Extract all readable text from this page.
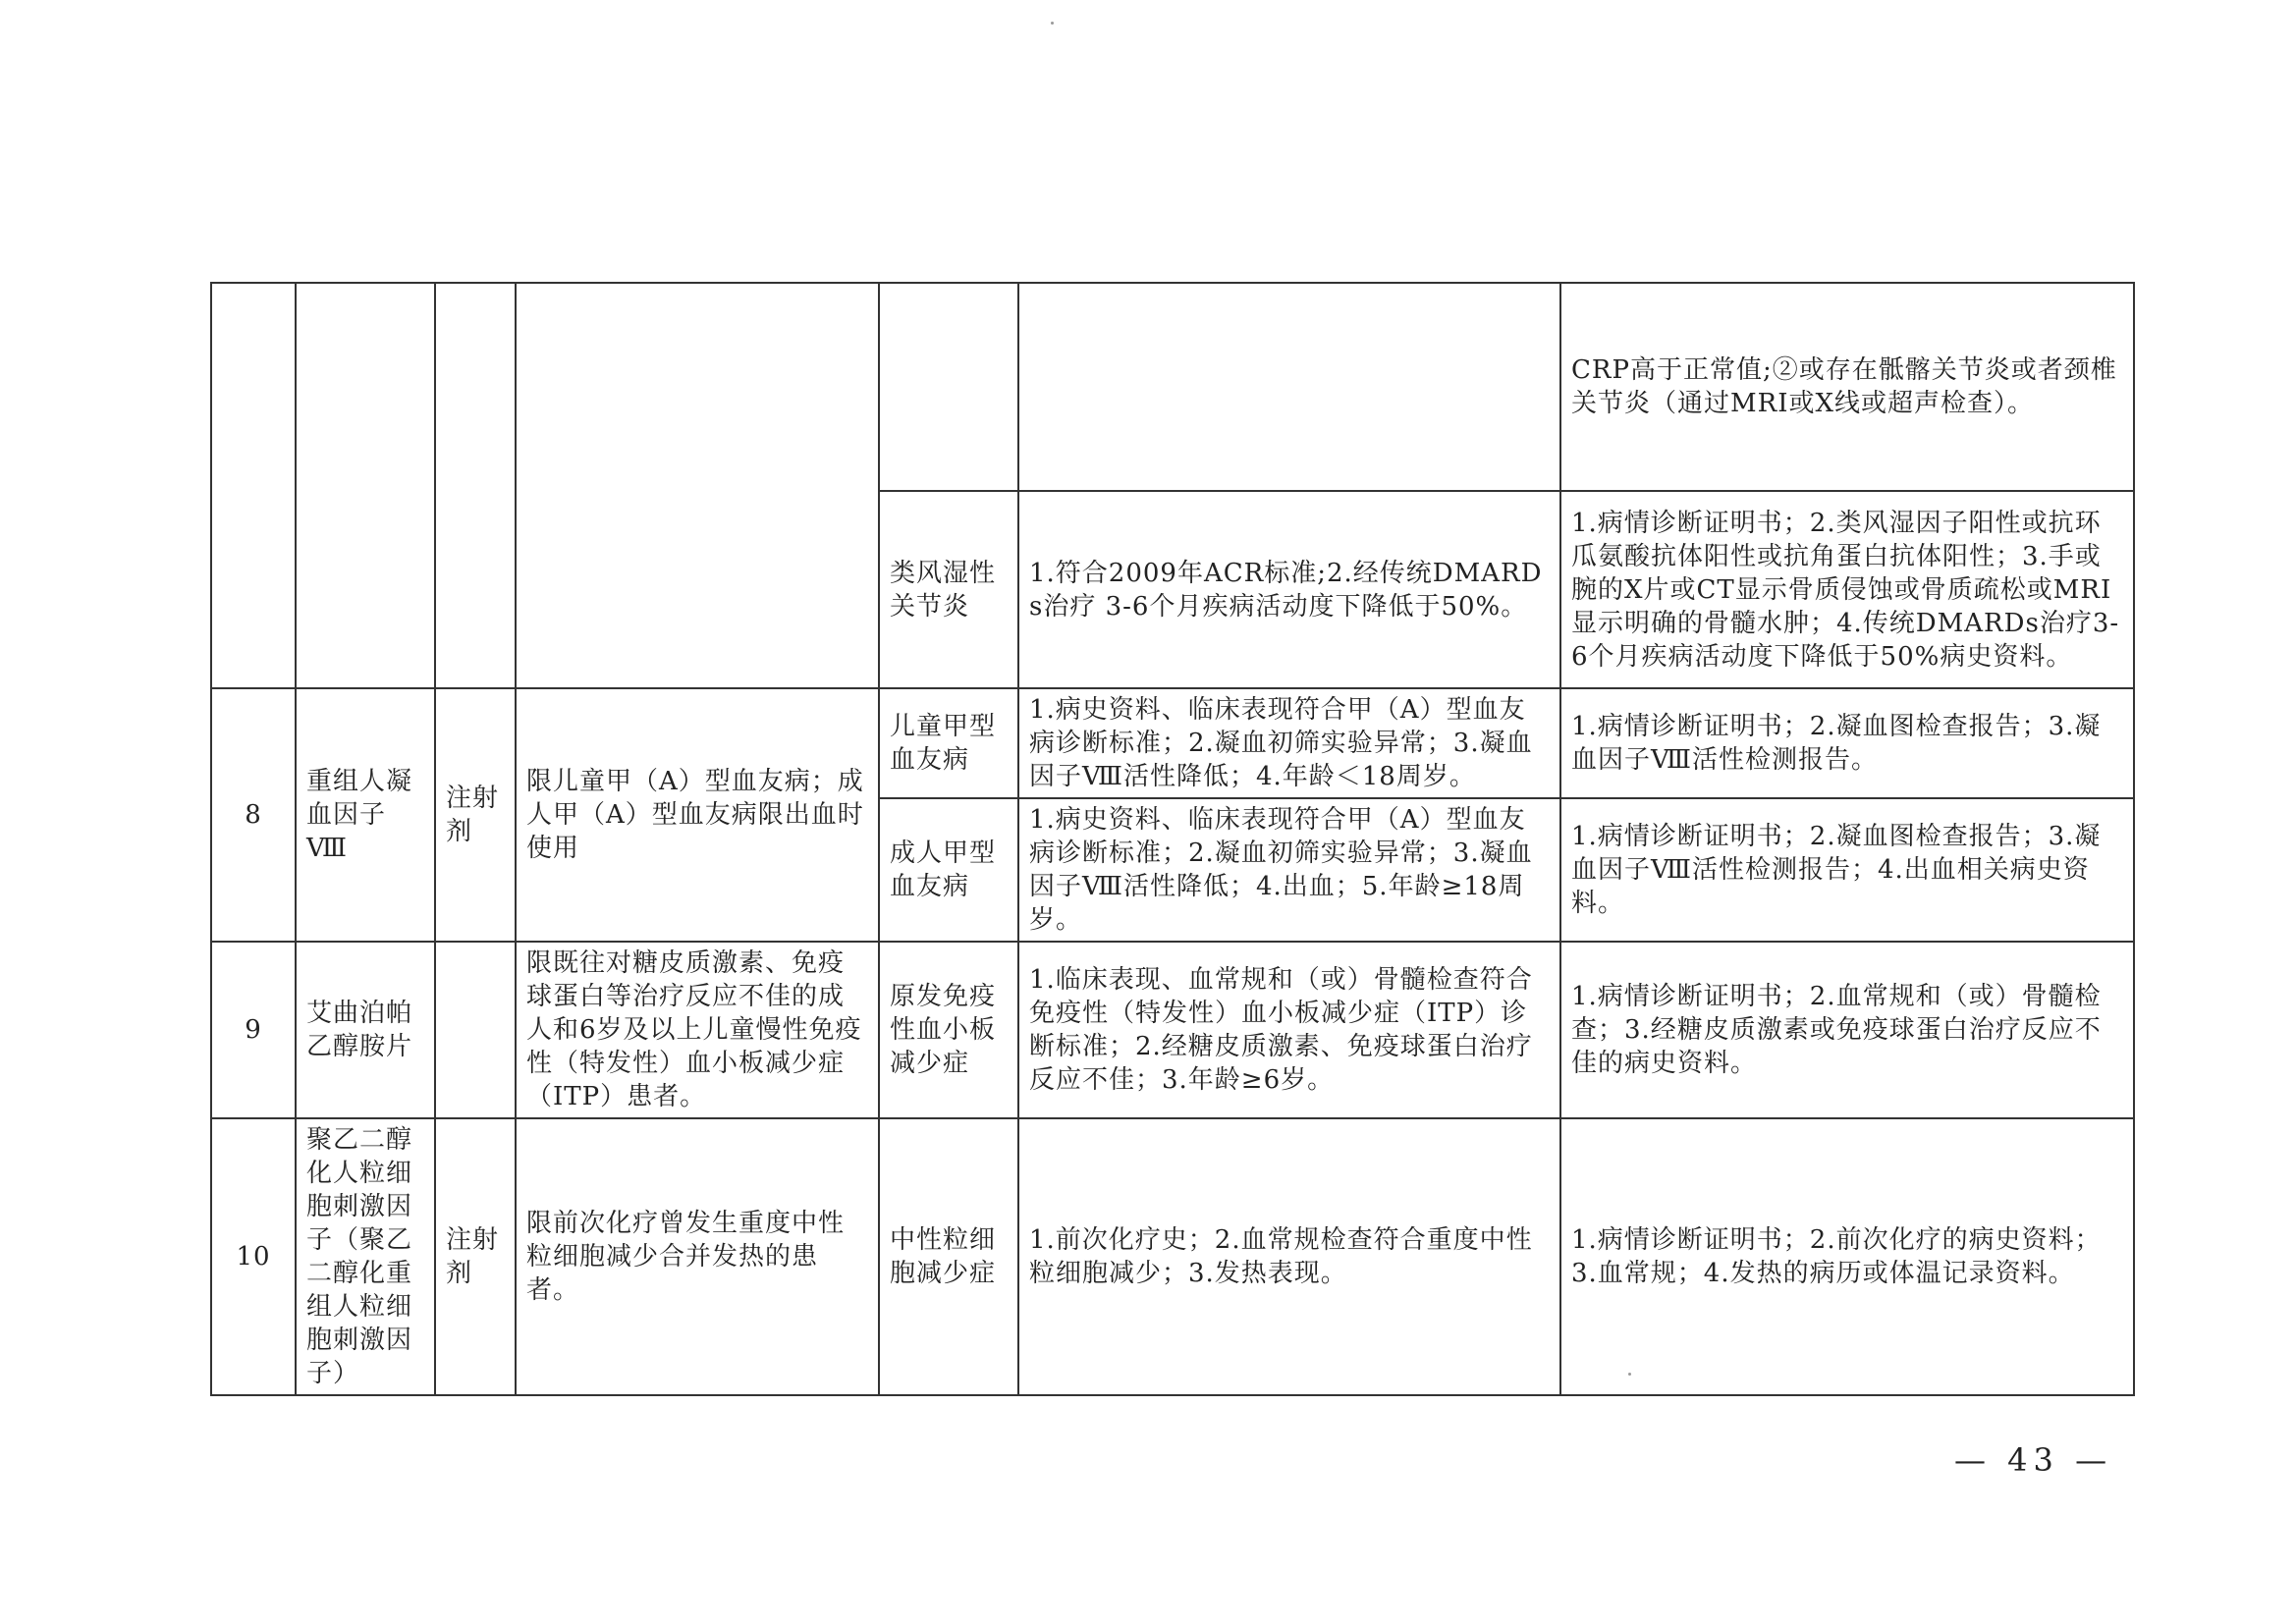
						CRP高于正常值;②或存在骶髂关节炎或者颈椎关节炎（通过MRI或X线或超声检查）。
				类风湿性关节炎	1.符合2009年ACR标准;2.经传统DMARDs治疗 3-6个月疾病活动度下降低于50%。	1.病情诊断证明书；2.类风湿因子阳性或抗环瓜氨酸抗体阳性或抗角蛋白抗体阳性；3.手或腕的X片或CT显示骨质侵蚀或骨质疏松或MRI显示明确的骨髓水肿；4.传统DMARDs治疗3-6个月疾病活动度下降低于50%病史资料。
8	重组人凝血因子Ⅷ	注射剂	限儿童甲（A）型血友病；成人甲（A）型血友病限出血时使用	儿童甲型血友病	1.病史资料、临床表现符合甲（A）型血友病诊断标准；2.凝血初筛实验异常；3.凝血因子Ⅷ活性降低；4.年龄＜18周岁。	1.病情诊断证明书；2.凝血图检查报告；3.凝血因子Ⅷ活性检测报告。
				成人甲型血友病	1.病史资料、临床表现符合甲（A）型血友病诊断标准；2.凝血初筛实验异常；3.凝血因子Ⅷ活性降低；4.出血；5.年龄≥18周岁。	1.病情诊断证明书；2.凝血图检查报告；3.凝血因子Ⅷ活性检测报告；4.出血相关病史资料。
9	艾曲泊帕乙醇胺片		限既往对糖皮质激素、免疫球蛋白等治疗反应不佳的成人和6岁及以上儿童慢性免疫性（特发性）血小板减少症（ITP）患者。	原发免疫性血小板减少症	1.临床表现、血常规和（或）骨髓检查符合免疫性（特发性）血小板减少症（ITP）诊断标准；2.经糖皮质激素、免疫球蛋白治疗反应不佳；3.年龄≥6岁。	1.病情诊断证明书；2.血常规和（或）骨髓检查；3.经糖皮质激素或免疫球蛋白治疗反应不佳的病史资料。
10	聚乙二醇化人粒细胞刺激因子（聚乙二醇化重组人粒细胞刺激因子）	注射剂	限前次化疗曾发生重度中性粒细胞减少合并发热的患者。	中性粒细胞减少症	1.前次化疗史；2.血常规检查符合重度中性粒细胞减少；3.发热表现。	1.病情诊断证明书；2.前次化疗的病史资料；3.血常规；4.发热的病历或体温记录资料。
— 43 —
